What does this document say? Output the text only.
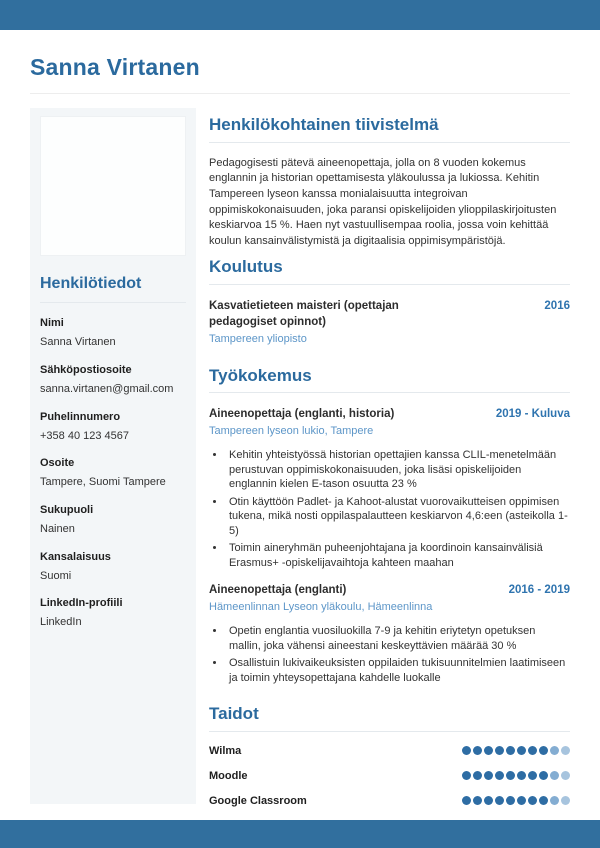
Sanna Virtanen
Henkilötiedot
Nimi
Sanna Virtanen
Sähköpostiosoite
sanna.virtanen@gmail.com
Puhelinnumero
+358 40 123 4567
Osoite
Tampere, Suomi Tampere
Sukupuoli
Nainen
Kansalaisuus
Suomi
LinkedIn-profiili
LinkedIn
Henkilökohtainen tiivistelmä

Pedagogisesti pätevä aineenopettaja, jolla on 8 vuoden kokemus englannin ja historian opettamisesta yläkoulussa ja lukiossa. Kehitin Tampereen lyseon kanssa monialaisuutta integroivan oppimiskokonaisuuden, joka paransi opiskelijoiden ylioppilaskirjoitusten keskiarvoa 15 %. Haen nyt vastuullisempaa roolia, jossa voin kehittää koulun kansainvälistymistä ja digitaalisia oppimisympäristöjä.

Koulutus
Kasvatietieteen maisteri (opettajan pedagogiset opinnot)
2016
Tampereen yliopisto
Työkokemus
Aineenopettaja (englanti, historia)	2019 - Kuluva
Tampereen lyseon lukio, Tampere
• Kehitin yhteistyössä historian opettajien kanssa CLIL-menetelmään perustuvan oppimiskokonaisuuden, joka lisäsi opiskelijoiden englannin kielen E-tason osuutta 23 %
• Otin käyttöön Padlet- ja Kahoot-alustat vuorovaikutteisen oppimisen tukena, mikä nosti oppilaspalautteen keskiarvon 4,6:een (asteikolla 1-5)
• Toimin aineryhmän puheenjohtajana ja koordinoin kansainvälisiä Erasmus+ -opiskelijavaihtoja kahteen maahan
Aineenopettaja (englanti)	2016 - 2019
Hämeenlinnan Lyseon yläkoulu, Hämeenlinna
• Opetin englantia vuosiluokilla 7-9 ja kehitin eriytetyn opetuksen mallin, joka vähensi aineestani keskeyttävien määrää 30 %
• Osallistuin lukivaikeuksisten oppilaiden tukisuunnitelmien laatimiseen ja toimin yhteysopettajana kahdelle luokalle
Taidot
Wilma
Moodle
Google Classroom
